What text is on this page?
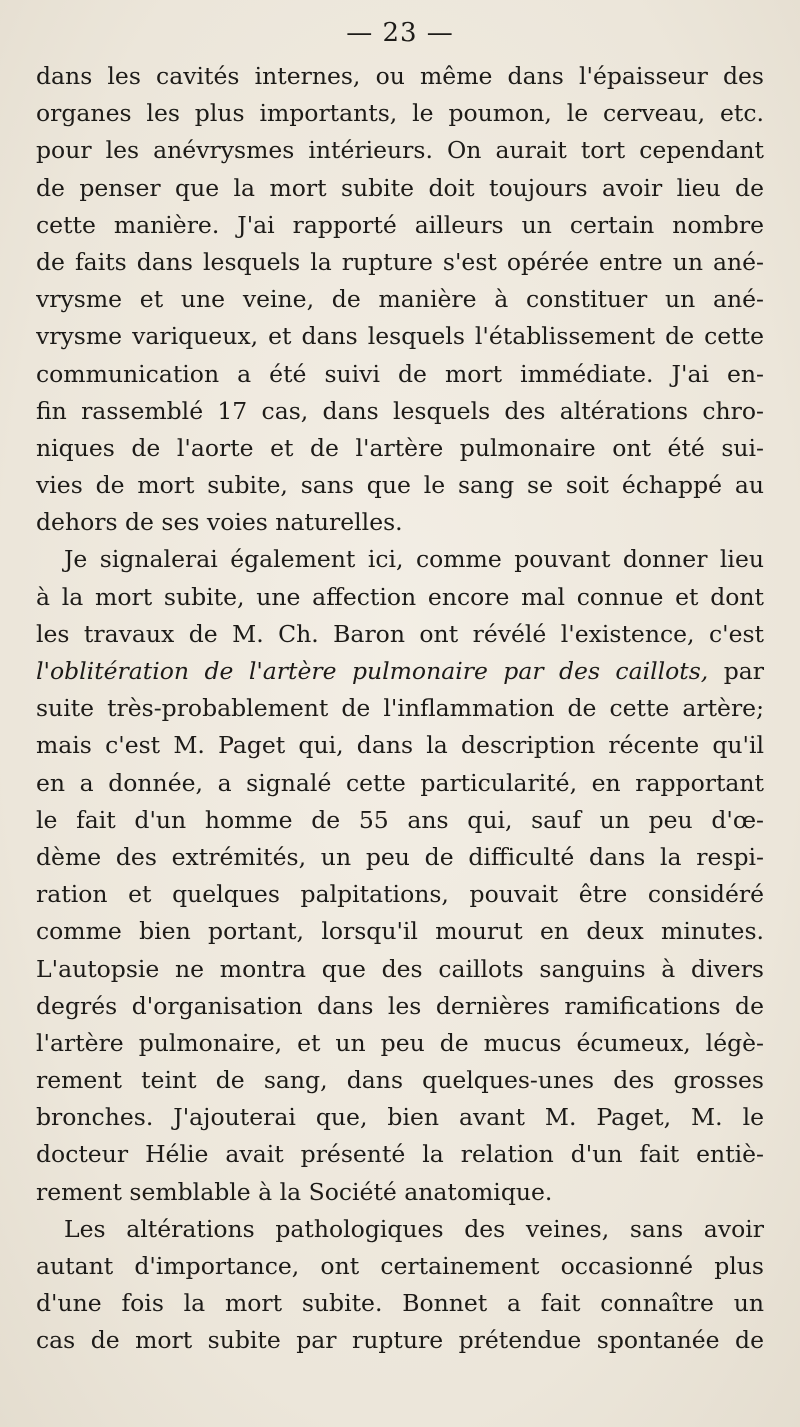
— 23 —
dans les cavités internes, ou même dans l'épaisseur des
organes les plus importants, le poumon, le cerveau, etc.
pour les anévrysmes intérieurs. On aurait tort cependant
de penser que la mort subite doit toujours avoir lieu de
cette manière. J'ai rapporté ailleurs un certain nombre
de faits dans lesquels la rupture s'est opérée entre un ané-
vrysme et une veine, de manière à constituer un ané-
vrysme variqueux, et dans lesquels l'établissement de cette
communication a été suivi de mort immédiate. J'ai en-
fin rassemblé 17 cas, dans lesquels des altérations chro-
niques de l'aorte et de l'artère pulmonaire ont été sui-
vies de mort subite, sans que le sang se soit échappé au
dehors de ses voies naturelles.
Je signalerai également ici, comme pouvant donner lieu
à la mort subite, une affection encore mal connue et dont
les travaux de M. Ch. Baron ont révélé l'existence, c'est
l'oblitération de l'artère pulmonaire par des caillots, par
suite très-probablement de l'inflammation de cette artère;
mais c'est M. Paget qui, dans la description récente qu'il
en a donnée, a signalé cette particularité, en rapportant
le fait d'un homme de 55 ans qui, sauf un peu d'œ-
dème des extrémités, un peu de difficulté dans la respi-
ration et quelques palpitations, pouvait être considéré
comme bien portant, lorsqu'il mourut en deux minutes.
L'autopsie ne montra que des caillots sanguins à divers
degrés d'organisation dans les dernières ramifications de
l'artère pulmonaire, et un peu de mucus écumeux, légè-
rement teint de sang, dans quelques-unes des grosses
bronches. J'ajouterai que, bien avant M. Paget, M. le
docteur Hélie avait présenté la relation d'un fait entiè-
rement semblable à la Société anatomique.
Les altérations pathologiques des veines, sans avoir
autant d'importance, ont certainement occasionné plus
d'une fois la mort subite. Bonnet a fait connaître un
cas de mort subite par rupture prétendue spontanée de
